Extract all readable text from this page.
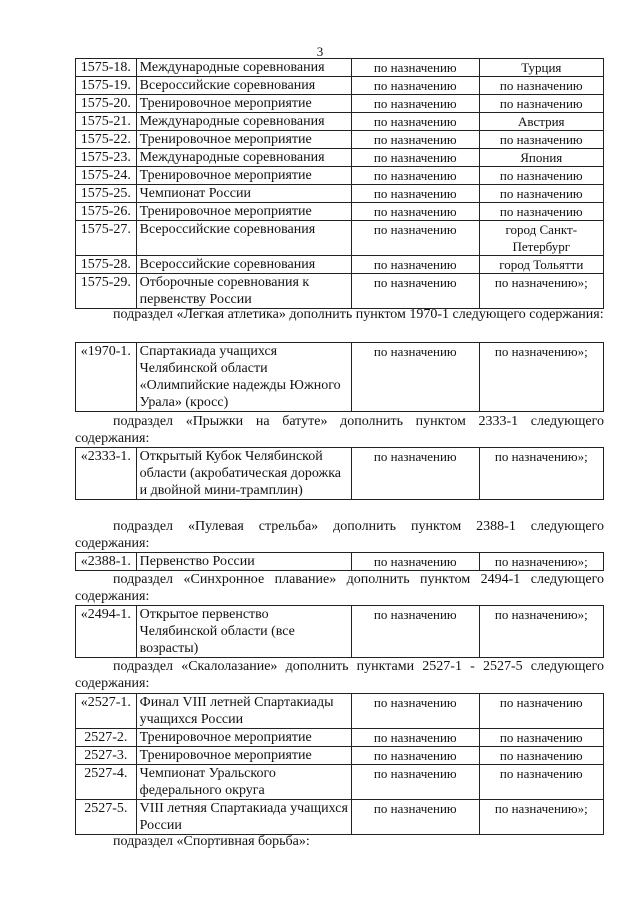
3
1575-18.	Международные соревнования	по назначению	Турция
1575-19.	Всероссийские соревнования	по назначению	по назначению
1575-20.	Тренировочное мероприятие	по назначению	по назначению
1575-21.	Международные соревнования	по назначению	Австрия
1575-22.	Тренировочное мероприятие	по назначению	по назначению
1575-23.	Международные соревнования	по назначению	Япония
1575-24.	Тренировочное мероприятие	по назначению	по назначению
1575-25.	Чемпионат России	по назначению	по назначению
1575-26.	Тренировочное мероприятие	по назначению	по назначению
1575-27.	Всероссийские соревнования	по назначению	город Санкт-Петербург
1575-28.	Всероссийские соревнования	по назначению	город Тольятти
1575-29.	Отборочные соревнования к первенству России	по назначению	по назначению»;

подраздел «Легкая атлетика» дополнить пунктом 1970-1 следующего содержания:

«1970-1.	Спартакиада учащихся Челябинской области «Олимпийские надежды Южного Урала» (кросс)	по назначению	по назначению»;

подраздел «Прыжки на батуте» дополнить пунктом 2333-1 следующего содержания:

«2333-1.	Открытый Кубок Челябинской области (акробатическая дорожка и двойной мини-трамплин)	по назначению	по назначению»;

подраздел «Пулевая стрельба» дополнить пунктом 2388-1 следующего содержания:

«2388-1.	Первенство России	по назначению	по назначению»;

подраздел «Синхронное плавание» дополнить пунктом 2494-1 следующего содержания:

«2494-1.	Открытое первенство Челябинской области (все возрасты)	по назначению	по назначению»;

подраздел «Скалолазание» дополнить пунктами 2527-1 - 2527-5 следующего содержания:

«2527-1.	Финал VIII летней Спартакиады учащихся России	по назначению	по назначению
2527-2.	Тренировочное мероприятие	по назначению	по назначению
2527-3.	Тренировочное мероприятие	по назначению	по назначению
2527-4.	Чемпионат Уральского федерального округа	по назначению	по назначению
2527-5.	VIII летняя Спартакиада учащихся России	по назначению	по назначению»;

подраздел «Спортивная борьба»:
